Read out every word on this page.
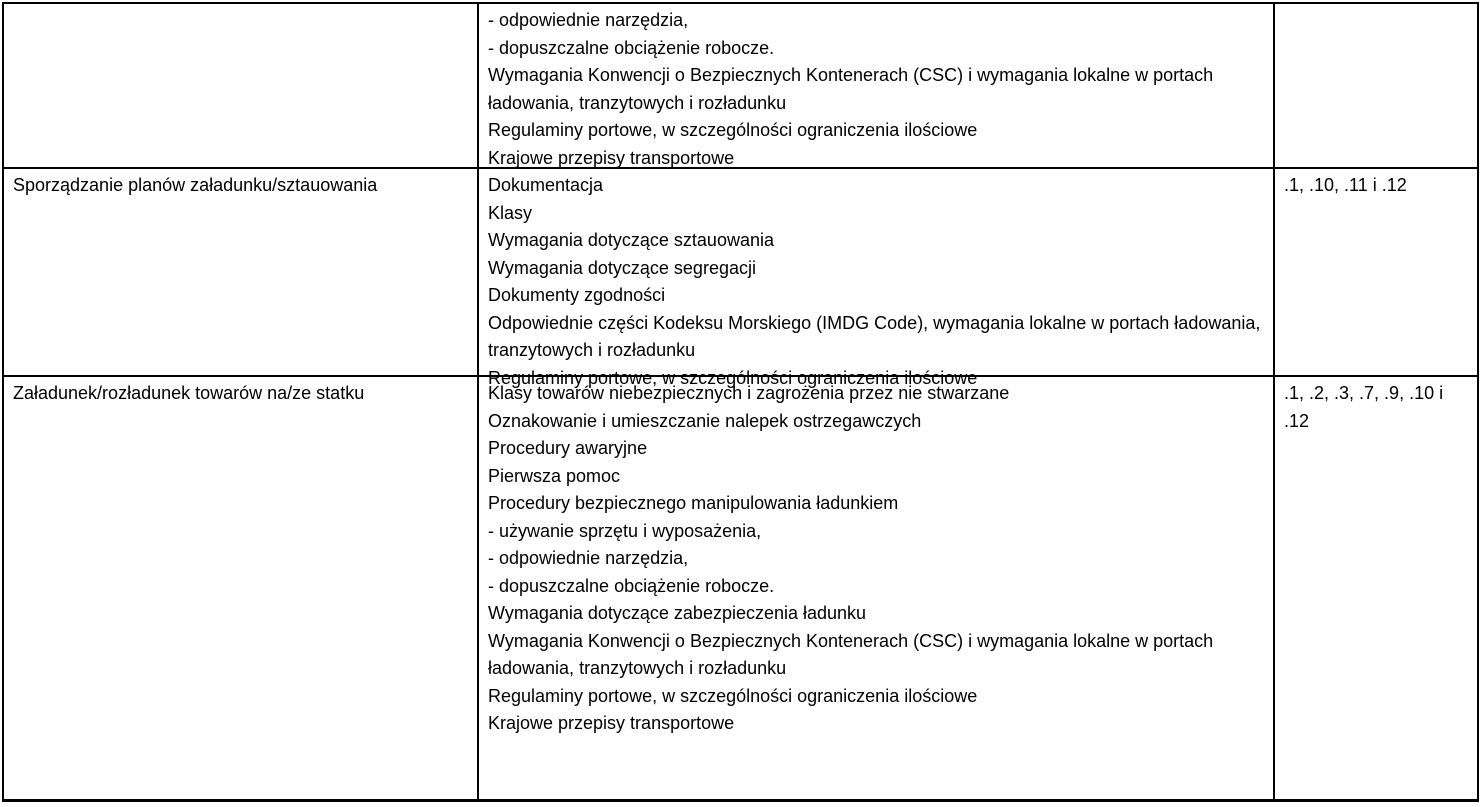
- odpowiednie narzędzia,
- dopuszczalne obciążenie robocze.
Wymagania Konwencji o Bezpiecznych Kontenerach (CSC) i wymagania lokalne w portach ładowania, tranzytowych i rozładunku
Regulaminy portowe, w szczególności ograniczenia ilościowe
Krajowe przepisy transportowe
Sporządzanie planów załadunku/sztauowania	Dokumentacja
Klasy
Wymagania dotyczące sztauowania
Wymagania dotyczące segregacji
Dokumenty zgodności
Odpowiednie części Kodeksu Morskiego (IMDG Code), wymagania lokalne w portach ładowania, tranzytowych i rozładunku
Regulaminy portowe, w szczególności ograniczenia ilościowe
.1, .10, .11 i .12
Załadunek/rozładunek towarów na/ze statku	Klasy towarów niebezpiecznych i zagrożenia przez nie stwarzane
Oznakowanie i umieszczanie nalepek ostrzegawczych
Procedury awaryjne
Pierwsza pomoc
Procedury bezpiecznego manipulowania ładunkiem
- używanie sprzętu i wyposażenia,
- odpowiednie narzędzia,
- dopuszczalne obciążenie robocze.
Wymagania dotyczące zabezpieczenia ładunku
Wymagania Konwencji o Bezpiecznych Kontenerach (CSC) i wymagania lokalne w portach ładowania, tranzytowych i rozładunku
Regulaminy portowe, w szczególności ograniczenia ilościowe
Krajowe przepisy transportowe
.1, .2, .3, .7, .9, .10 i .12
